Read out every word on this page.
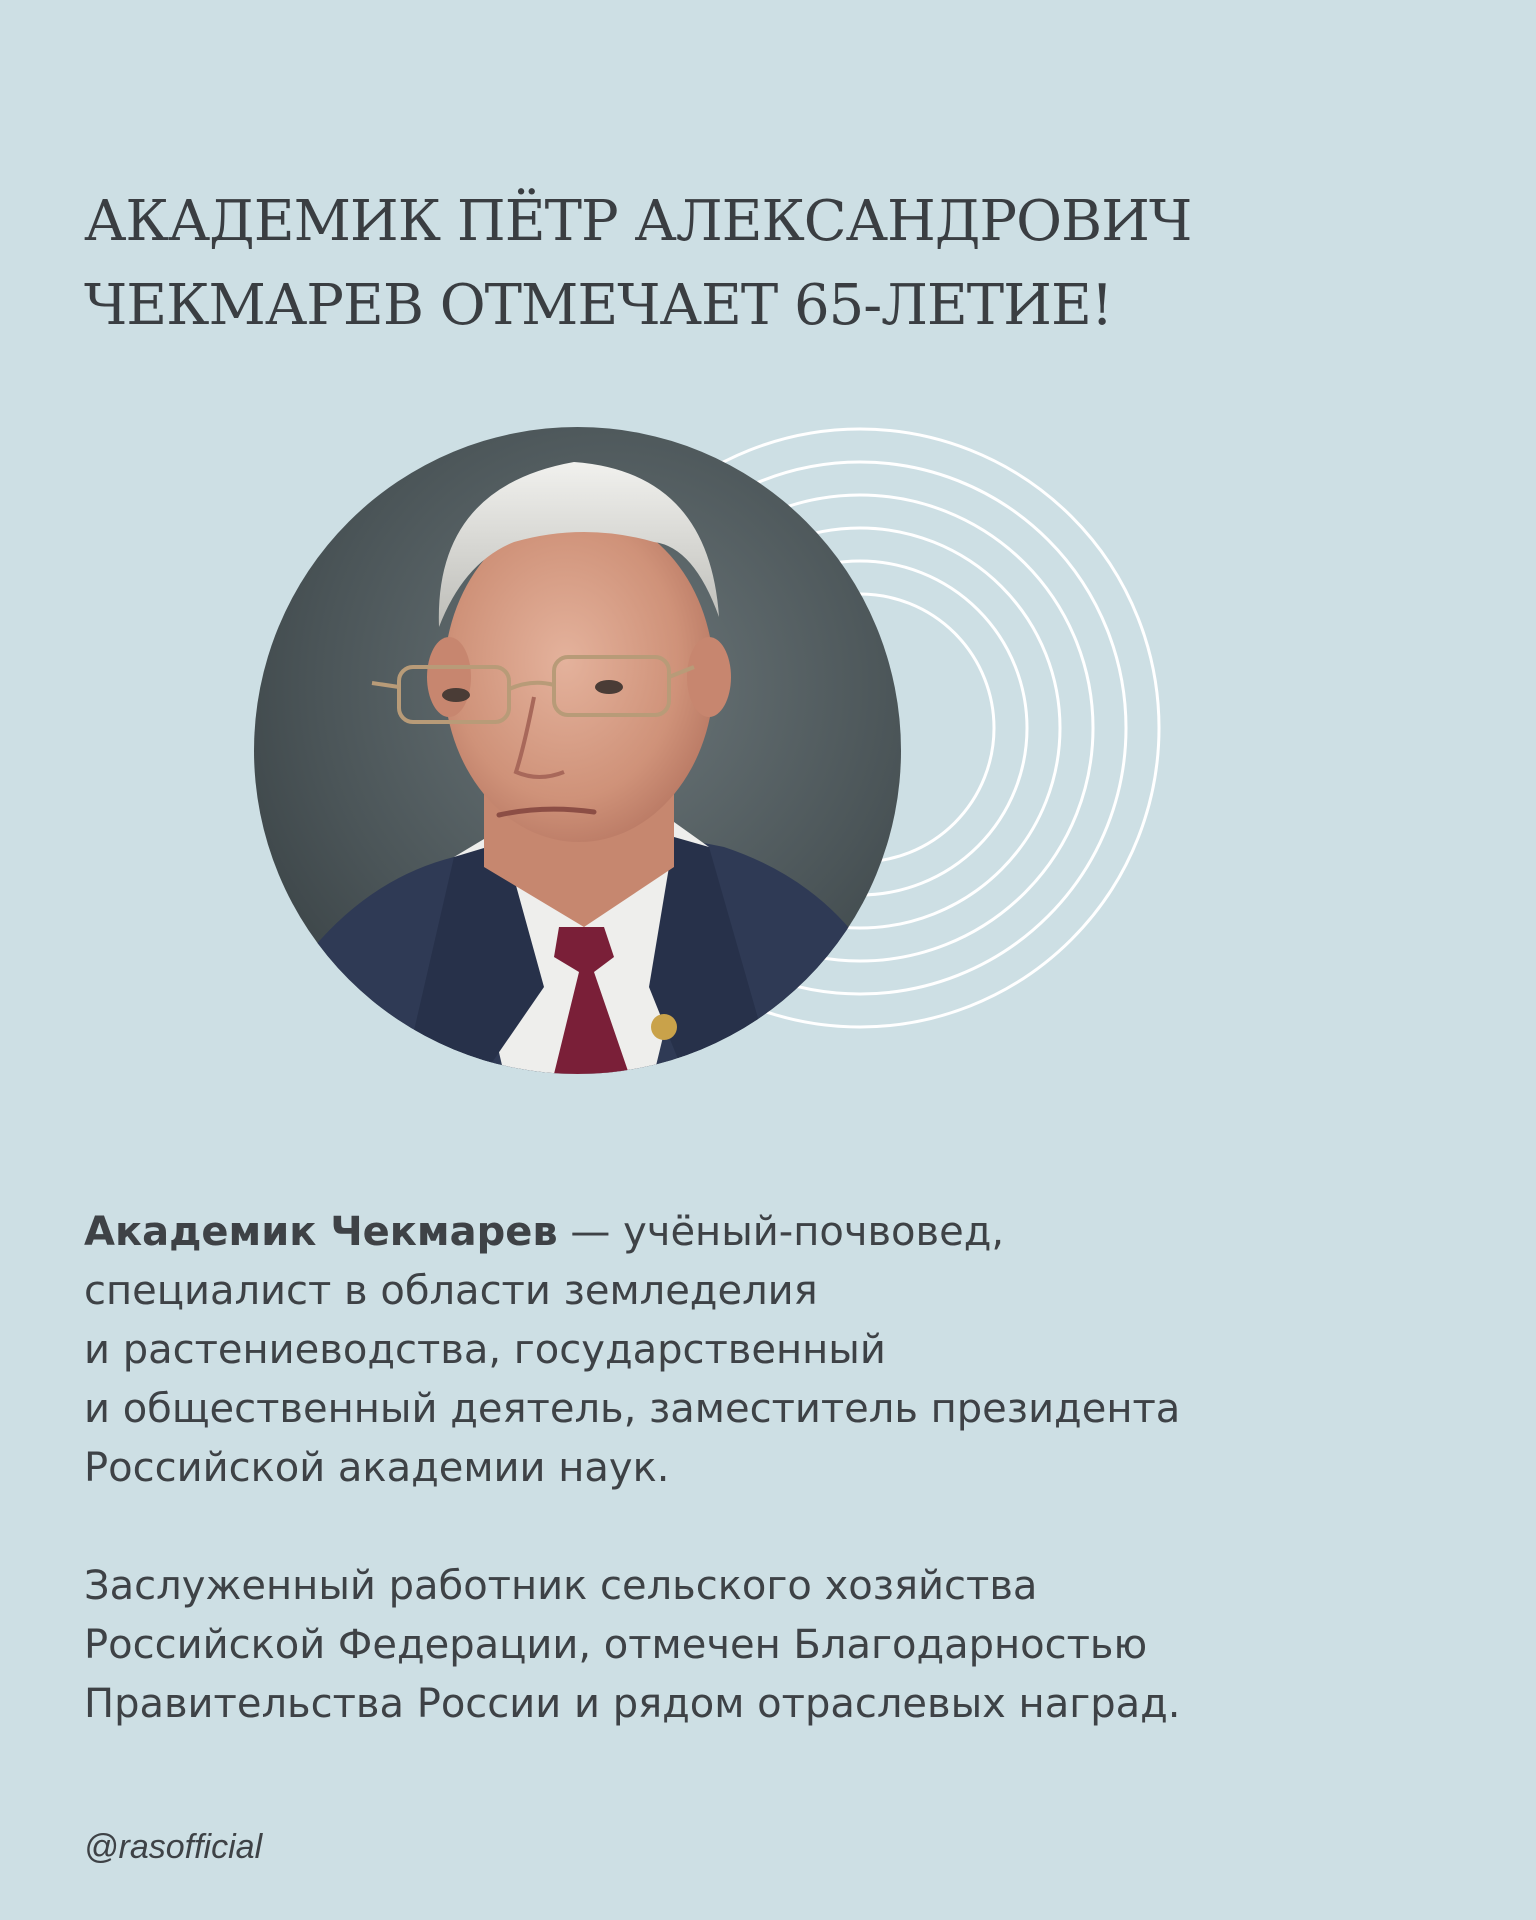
АКАДЕМИК ПЁТР АЛЕКСАНДРОВИЧ
ЧЕКМАРЕВ ОТМЕЧАЕТ 65-ЛЕТИЕ!

Академик Чекмарев — учёный-почвовед,
специалист в области земледелия
и растениеводства, государственный
и общественный деятель, заместитель президента
Российской академии наук.

Заслуженный работник сельского хозяйства
Российской Федерации, отмечен Благодарностью
Правительства России и рядом отраслевых наград.

@rasofficial
